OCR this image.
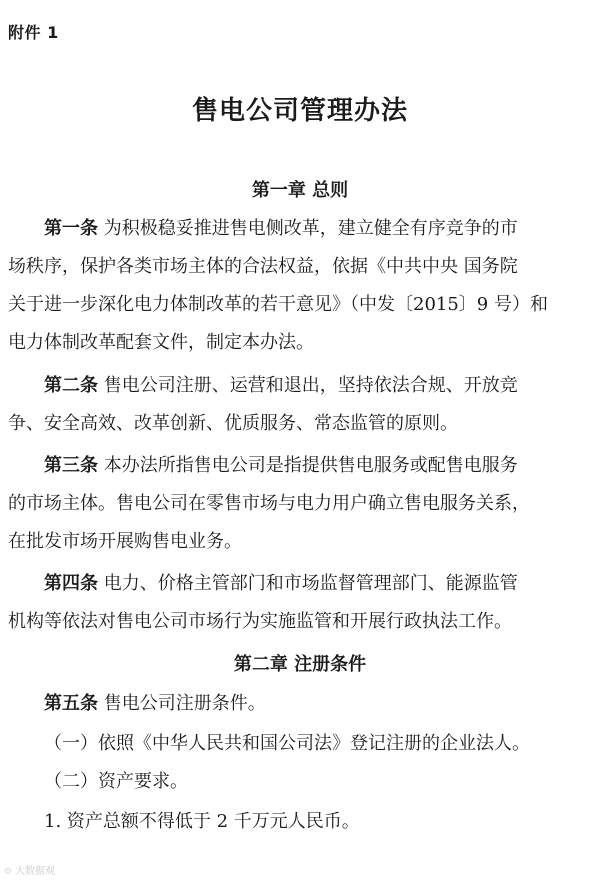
附件 1
售电公司管理办法
第一章 总则

第一条 为积极稳妥推进售电侧改革，建立健全有序竞争的市
场秩序，保护各类市场主体的合法权益，依据《中共中央 国务院
关于进一步深化电力体制改革的若干意见》（中发〔2015〕9 号）和
电力体制改革配套文件，制定本办法。

第二条 售电公司注册、运营和退出，坚持依法合规、开放竞
争、安全高效、改革创新、优质服务、常态监管的原则。

第三条 本办法所指售电公司是指提供售电服务或配售电服务
的市场主体。售电公司在零售市场与电力用户确立售电服务关系，
在批发市场开展购售电业务。

第四条 电力、价格主管部门和市场监督管理部门、能源监管
机构等依法对售电公司市场行为实施监管和开展行政执法工作。

第二章 注册条件

第五条 售电公司注册条件。

（一）依照《中华人民共和国公司法》登记注册的企业法人。

（二）资产要求。

1. 资产总额不得低于 2 千万元人民币。

⟐ 大数据观
